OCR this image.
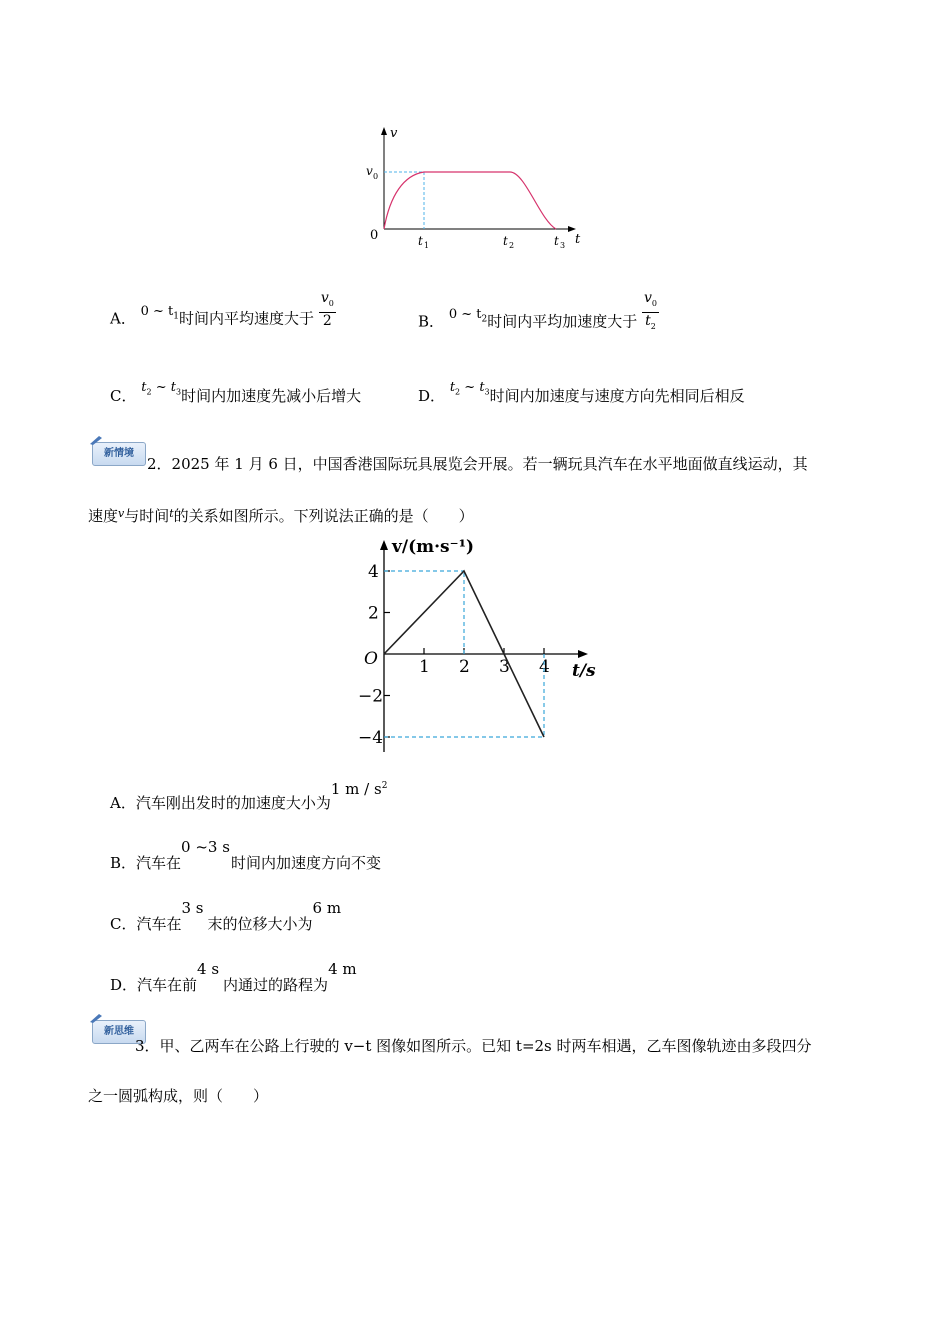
v
t
0
v 0
t 1	t 2	t 3
A． 0 ~ $t_1$时间内平均速度大于 $\frac{v_0}{2}$	B． 0 ~ $t_2$时间内平均加速度大于 $\frac{v_0}{t_2}$
C． $t_2$ ~ $t_3$时间内加速度先减小后增大	D． $t_2$ ~ $t_3$时间内加速度与速度方向先相同后相反
新情境
2．2025 年 1 月 6 日，中国香港国际玩具展览会开展。若一辆玩具汽车在水平地面做直线运动，其
速度$^v$与时间$^t$的关系如图所示。下列说法正确的是（　　）
v/(m·s⁻¹)
t/s
O 1 2 3 4
4
2
−2
−4
A．汽车刚出发时的加速度大小为1 m / $s^2$
B．汽车在0 ~3 s时间内加速度方向不变
C．汽车在3 s末的位移大小为6 m
D．汽车在前4 s内通过的路程为4 m
新思维
3．甲、乙两车在公路上行驶的 v−t 图像如图所示。已知 t=2s 时两车相遇，乙车图像轨迹由多段四分
之一圆弧构成，则（　　）
